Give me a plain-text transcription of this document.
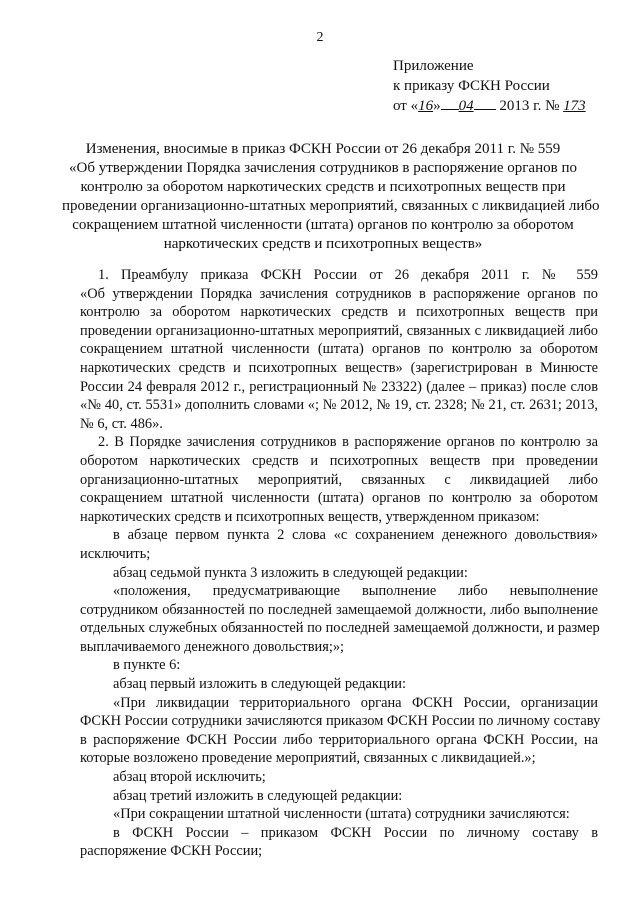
2
Приложение
к приказу ФСКН России
от «16» 04 2013 г. № 173
Изменения, вносимые в приказ ФСКН России от 26 декабря 2011 г. № 559
«Об утверждении Порядка зачисления сотрудников в распоряжение органов по
контролю за оборотом наркотических средств и психотропных веществ при
проведении организационно-штатных мероприятий, связанных с ликвидацией либо
сокращением штатной численности (штата) органов по контролю за оборотом
наркотических средств и психотропных веществ»
1. Преамбулу приказа ФСКН России от 26 декабря 2011 г. № 559
«Об утверждении Порядка зачисления сотрудников в распоряжение органов по
контролю за оборотом наркотических средств и психотропных веществ при
проведении организационно-штатных мероприятий, связанных с ликвидацией либо
сокращением штатной численности (штата) органов по контролю за оборотом
наркотических средств и психотропных веществ» (зарегистрирован в Минюсте
России 24 февраля 2012 г., регистрационный № 23322) (далее – приказ) после слов
«№ 40, ст. 5531» дополнить словами «; № 2012, № 19, ст. 2328; № 21, ст. 2631; 2013,
№ 6, ст. 486».
2. В Порядке зачисления сотрудников в распоряжение органов по контролю за
оборотом наркотических средств и психотропных веществ при проведении
организационно-штатных мероприятий, связанных с ликвидацией либо
сокращением штатной численности (штата) органов по контролю за оборотом
наркотических средств и психотропных веществ, утвержденном приказом:
в абзаце первом пункта 2 слова «с сохранением денежного довольствия»
исключить;
абзац седьмой пункта 3 изложить в следующей редакции:
«положения, предусматривающие выполнение либо невыполнение
сотрудником обязанностей по последней замещаемой должности, либо выполнение
отдельных служебных обязанностей по последней замещаемой должности, и размер
выплачиваемого денежного довольствия;»;
в пункте 6:
абзац первый изложить в следующей редакции:
«При ликвидации территориального органа ФСКН России, организации
ФСКН России сотрудники зачисляются приказом ФСКН России по личному составу
в распоряжение ФСКН России либо территориального органа ФСКН России, на
которые возложено проведение мероприятий, связанных с ликвидацией.»;
абзац второй исключить;
абзац третий изложить в следующей редакции:
«При сокращении штатной численности (штата) сотрудники зачисляются:
в ФСКН России – приказом ФСКН России по личному составу в
распоряжение ФСКН России;
